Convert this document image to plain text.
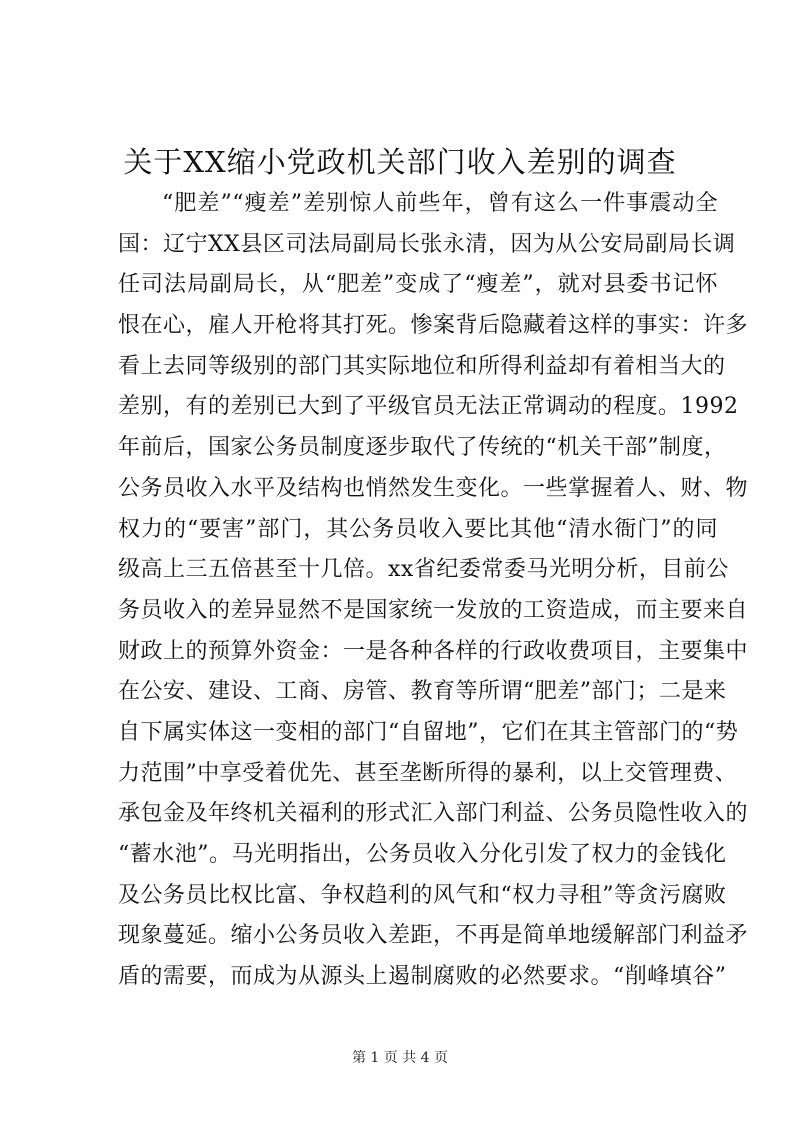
关于XX缩小党政机关部门收入差别的调查
“肥差”“瘦差”差别惊人前些年，曾有这么一件事震动全
国：辽宁XX县区司法局副局长张永清，因为从公安局副局长调
任司法局副局长，从“肥差”变成了“瘦差”，就对县委书记怀
恨在心，雇人开枪将其打死。惨案背后隐藏着这样的事实：许多
看上去同等级别的部门其实际地位和所得利益却有着相当大的
差别，有的差别已大到了平级官员无法正常调动的程度。1992
年前后，国家公务员制度逐步取代了传统的“机关干部”制度，
公务员收入水平及结构也悄然发生变化。一些掌握着人、财、物
权力的“要害”部门，其公务员收入要比其他“清水衙门”的同
级高上三五倍甚至十几倍。xx省纪委常委马光明分析，目前公
务员收入的差异显然不是国家统一发放的工资造成，而主要来自
财政上的预算外资金：一是各种各样的行政收费项目，主要集中
在公安、建设、工商、房管、教育等所谓“肥差”部门；二是来
自下属实体这一变相的部门“自留地”，它们在其主管部门的“势
力范围”中享受着优先、甚至垄断所得的暴利，以上交管理费、
承包金及年终机关福利的形式汇入部门利益、公务员隐性收入的
“蓄水池”。马光明指出，公务员收入分化引发了权力的金钱化
及公务员比权比富、争权趋利的风气和“权力寻租”等贪污腐败
现象蔓延。缩小公务员收入差距，不再是简单地缓解部门利益矛
盾的需要，而成为从源头上遏制腐败的必然要求。“削峰填谷”
第 1 页 共 4 页
